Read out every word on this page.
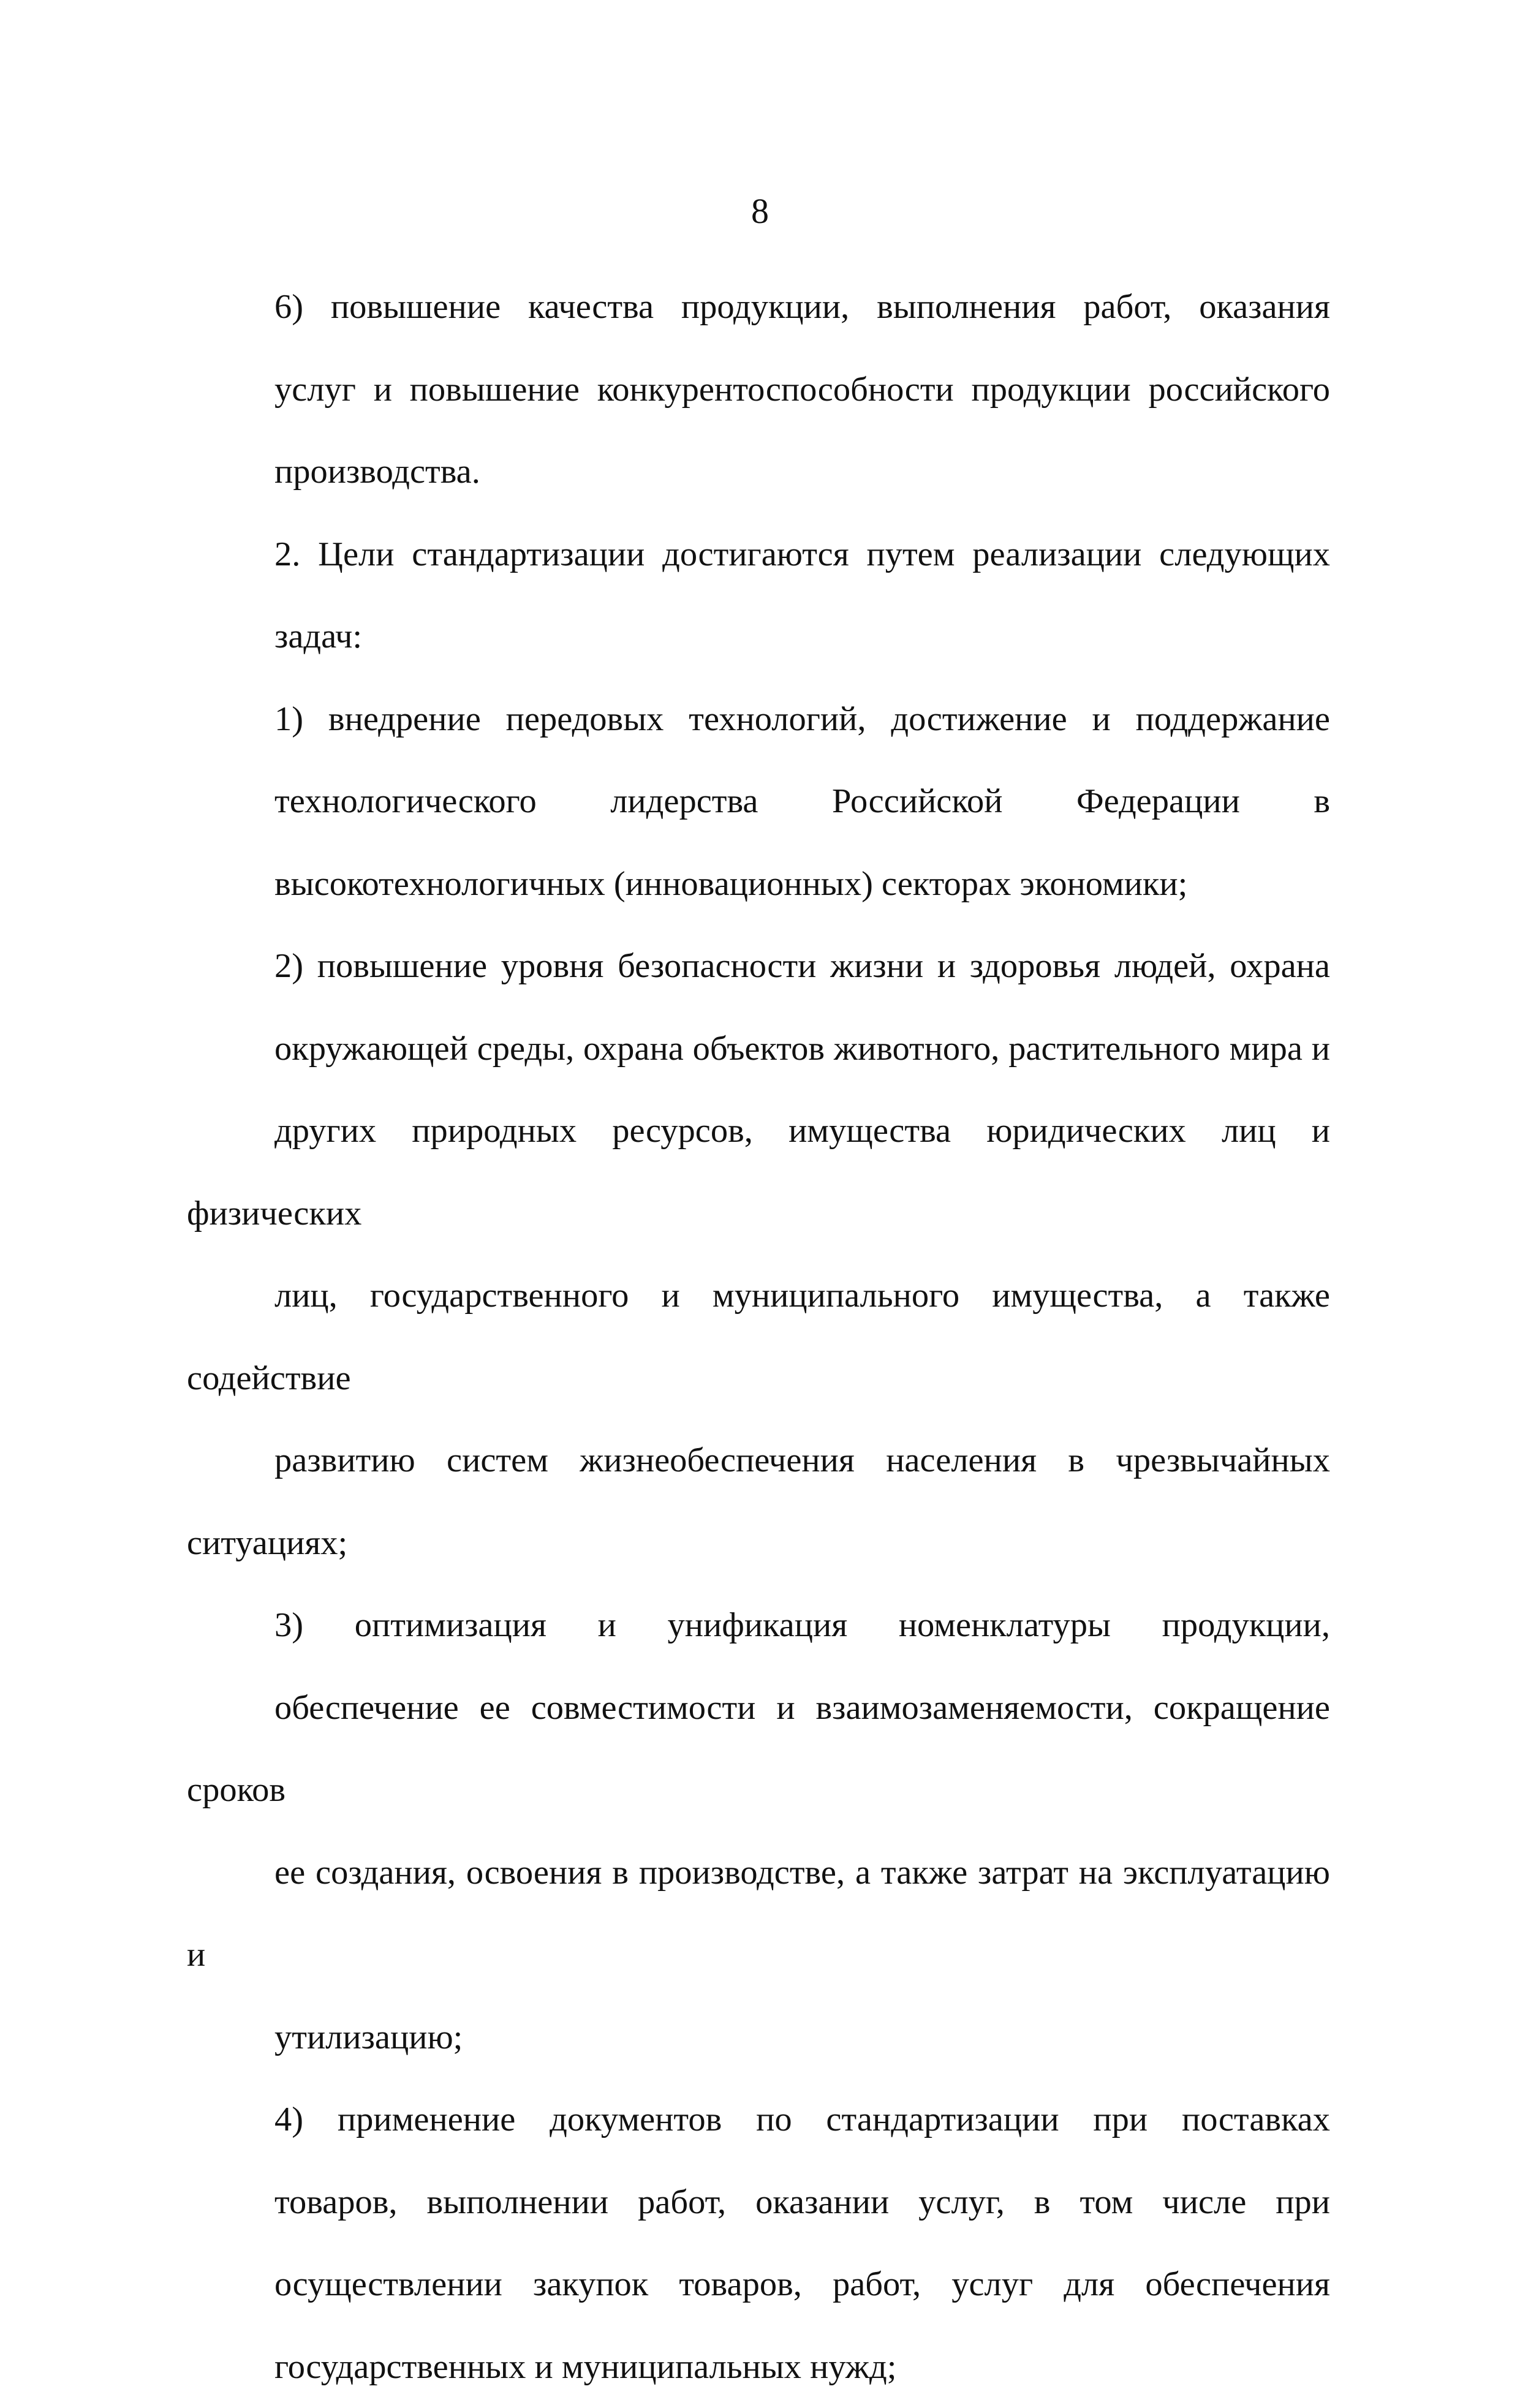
8

6) повышение качества продукции, выполнения работ, оказания
услуг и повышение конкурентоспособности продукции российского
производства.

2. Цели стандартизации достигаются путем реализации следующих
задач:

1) внедрение передовых технологий, достижение и поддержание
технологического лидерства Российской Федерации в
высокотехнологичных (инновационных) секторах экономики;

2) повышение уровня безопасности жизни и здоровья людей, охрана
окружающей среды, охрана объектов животного, растительного мира и
других природных ресурсов, имущества юридических лиц и физических
лиц, государственного и муниципального имущества, а также содействие
развитию систем жизнеобеспечения населения в чрезвычайных ситуациях;

3) оптимизация и унификация номенклатуры продукции,
обеспечение ее совместимости и взаимозаменяемости, сокращение сроков
ее создания, освоения в производстве, а также затрат на эксплуатацию и
утилизацию;

4) применение документов по стандартизации при поставках
товаров, выполнении работ, оказании услуг, в том числе при
осуществлении закупок товаров, работ, услуг для обеспечения
государственных и муниципальных нужд;
